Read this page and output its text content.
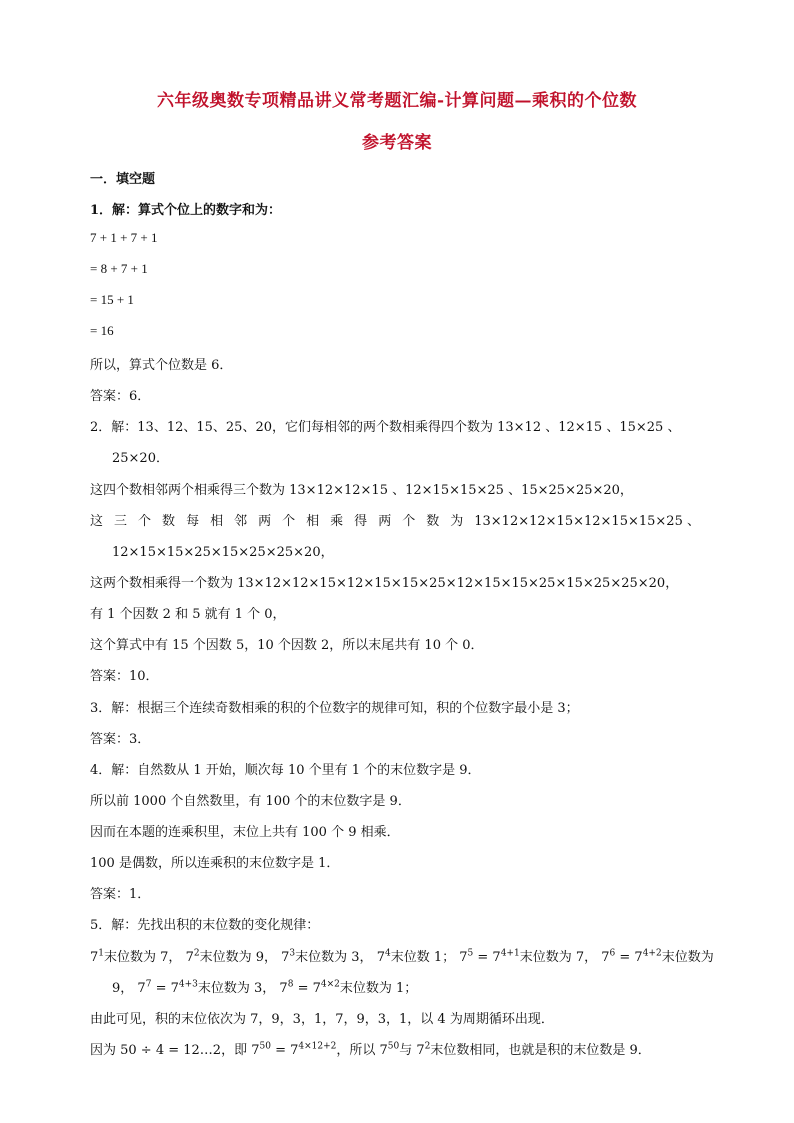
六年级奥数专项精品讲义常考题汇编-计算问题—乘积的个位数
参考答案
一．填空题
1．解：算式个位上的数字和为：
7 + 1 + 7 + 1
= 8 + 7 + 1
= 15 + 1
= 16
所以，算式个位数是 6．
答案：6．
2．解：13、12、15、25、20，它们每相邻的两个数相乘得四个数为 13×12 、12×15 、15×25 、
25×20．
这四个数相邻两个相乘得三个数为 13×12×12×15 、12×15×15×25 、15×25×25×20，
这 三 个 数 每 相 邻 两 个 相 乘 得 两 个 数 为 13×12×12×15×12×15×15×25 、
12×15×15×25×15×25×25×20，
这两个数相乘得一个数为 13×12×12×15×12×15×15×25×12×15×15×25×15×25×25×20，
有 1 个因数 2 和 5 就有 1 个 0，
这个算式中有 15 个因数 5，10 个因数 2，所以末尾共有 10 个 0．
答案：10．
3．解：根据三个连续奇数相乘的积的个位数字的规律可知，积的个位数字最小是 3；
答案：3．
4．解：自然数从 1 开始，顺次每 10 个里有 1 个的末位数字是 9．
所以前 1000 个自然数里，有 100 个的末位数字是 9．
因而在本题的连乘积里，末位上共有 100 个 9 相乘．
100 是偶数，所以连乘积的末位数字是 1．
答案：1．
5．解：先找出积的末位数的变化规律：
$7^1$末位数为 7， $7^2$末位数为 9， $7^3$末位数为 3， $7^4$末位数 1； $7^5 = 7^{4+1}$末位数为 7， $7^6 = 7^{4+2}$末位数为
9， $7^7 = 7^{4+3}$末位数为 3， $7^8 = 7^{4\times 2}$末位数为 1；
由此可见，积的末位依次为 7，9，3，1，7，9，3，1，以 4 为周期循环出现．
因为 50 ÷ 4 = 12…2，即 $7^{50} = 7^{4\times 12+2}$，所以 $7^{50}$与 $7^2$末位数相同，也就是积的末位数是 9．
